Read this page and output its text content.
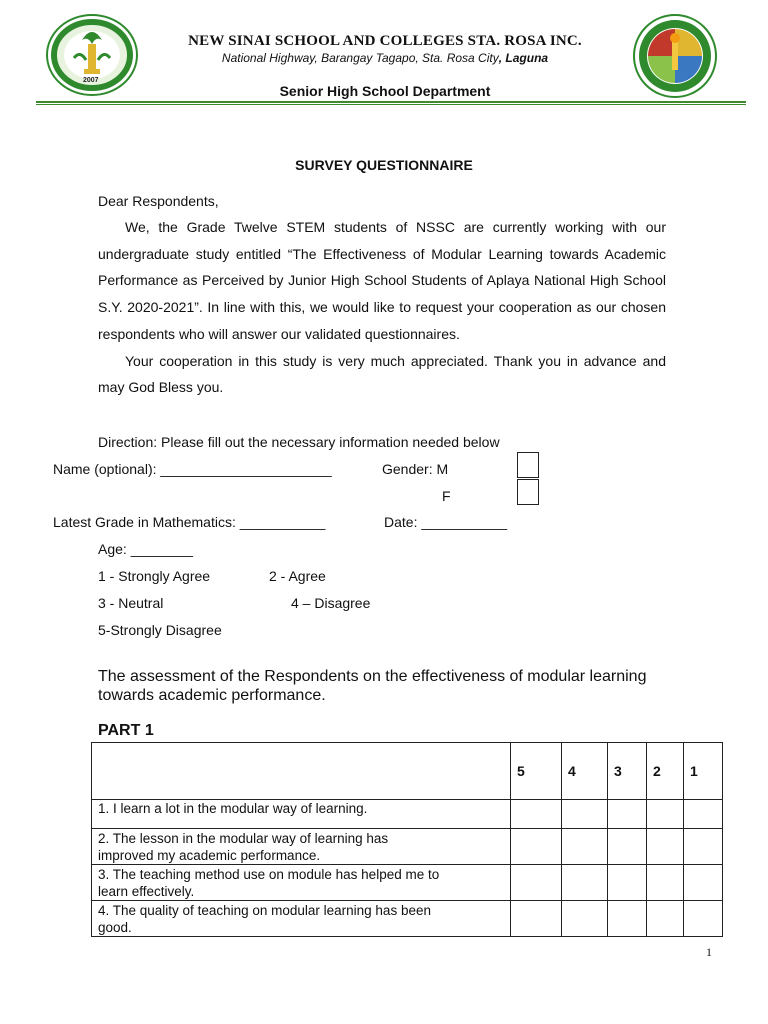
2007
NEW SINAI SCHOOL AND COLLEGES STA. ROSA INC.
National Highway, Barangay Tagapo, Sta. Rosa City, Laguna
Senior High School Department
SURVEY QUESTIONNAIRE
Dear Respondents,

We, the Grade Twelve STEM students of NSSC are currently working with our undergraduate study entitled “The Effectiveness of Modular Learning towards Academic Performance as Perceived by Junior High School Students of Aplaya National High School S.Y. 2020-2021”. In line with this, we would like to request your cooperation as our chosen respondents who will answer our validated questionnaires.

Your cooperation in this study is very much appreciated. Thank you in advance and may God Bless you.

Direction: Please fill out the necessary information needed below
Name (optional): ______________________	Gender: M
F
Latest Grade in Mathematics: ___________	Date: ___________
Age: ________
1 - Strongly Agree	2 - Agree
3 - Neutral	4 – Disagree
5-Strongly Disagree
The assessment of the Respondents on the effectiveness of modular learning towards academic performance.
PART 1
	5	4	3	2	1
1. I learn a lot in the modular way of learning.					
2. The lesson in the modular way of learning has improved my academic performance.					
3. The teaching method use on module has helped me to learn effectively.					
4. The quality of teaching on modular learning has been good.					
1
